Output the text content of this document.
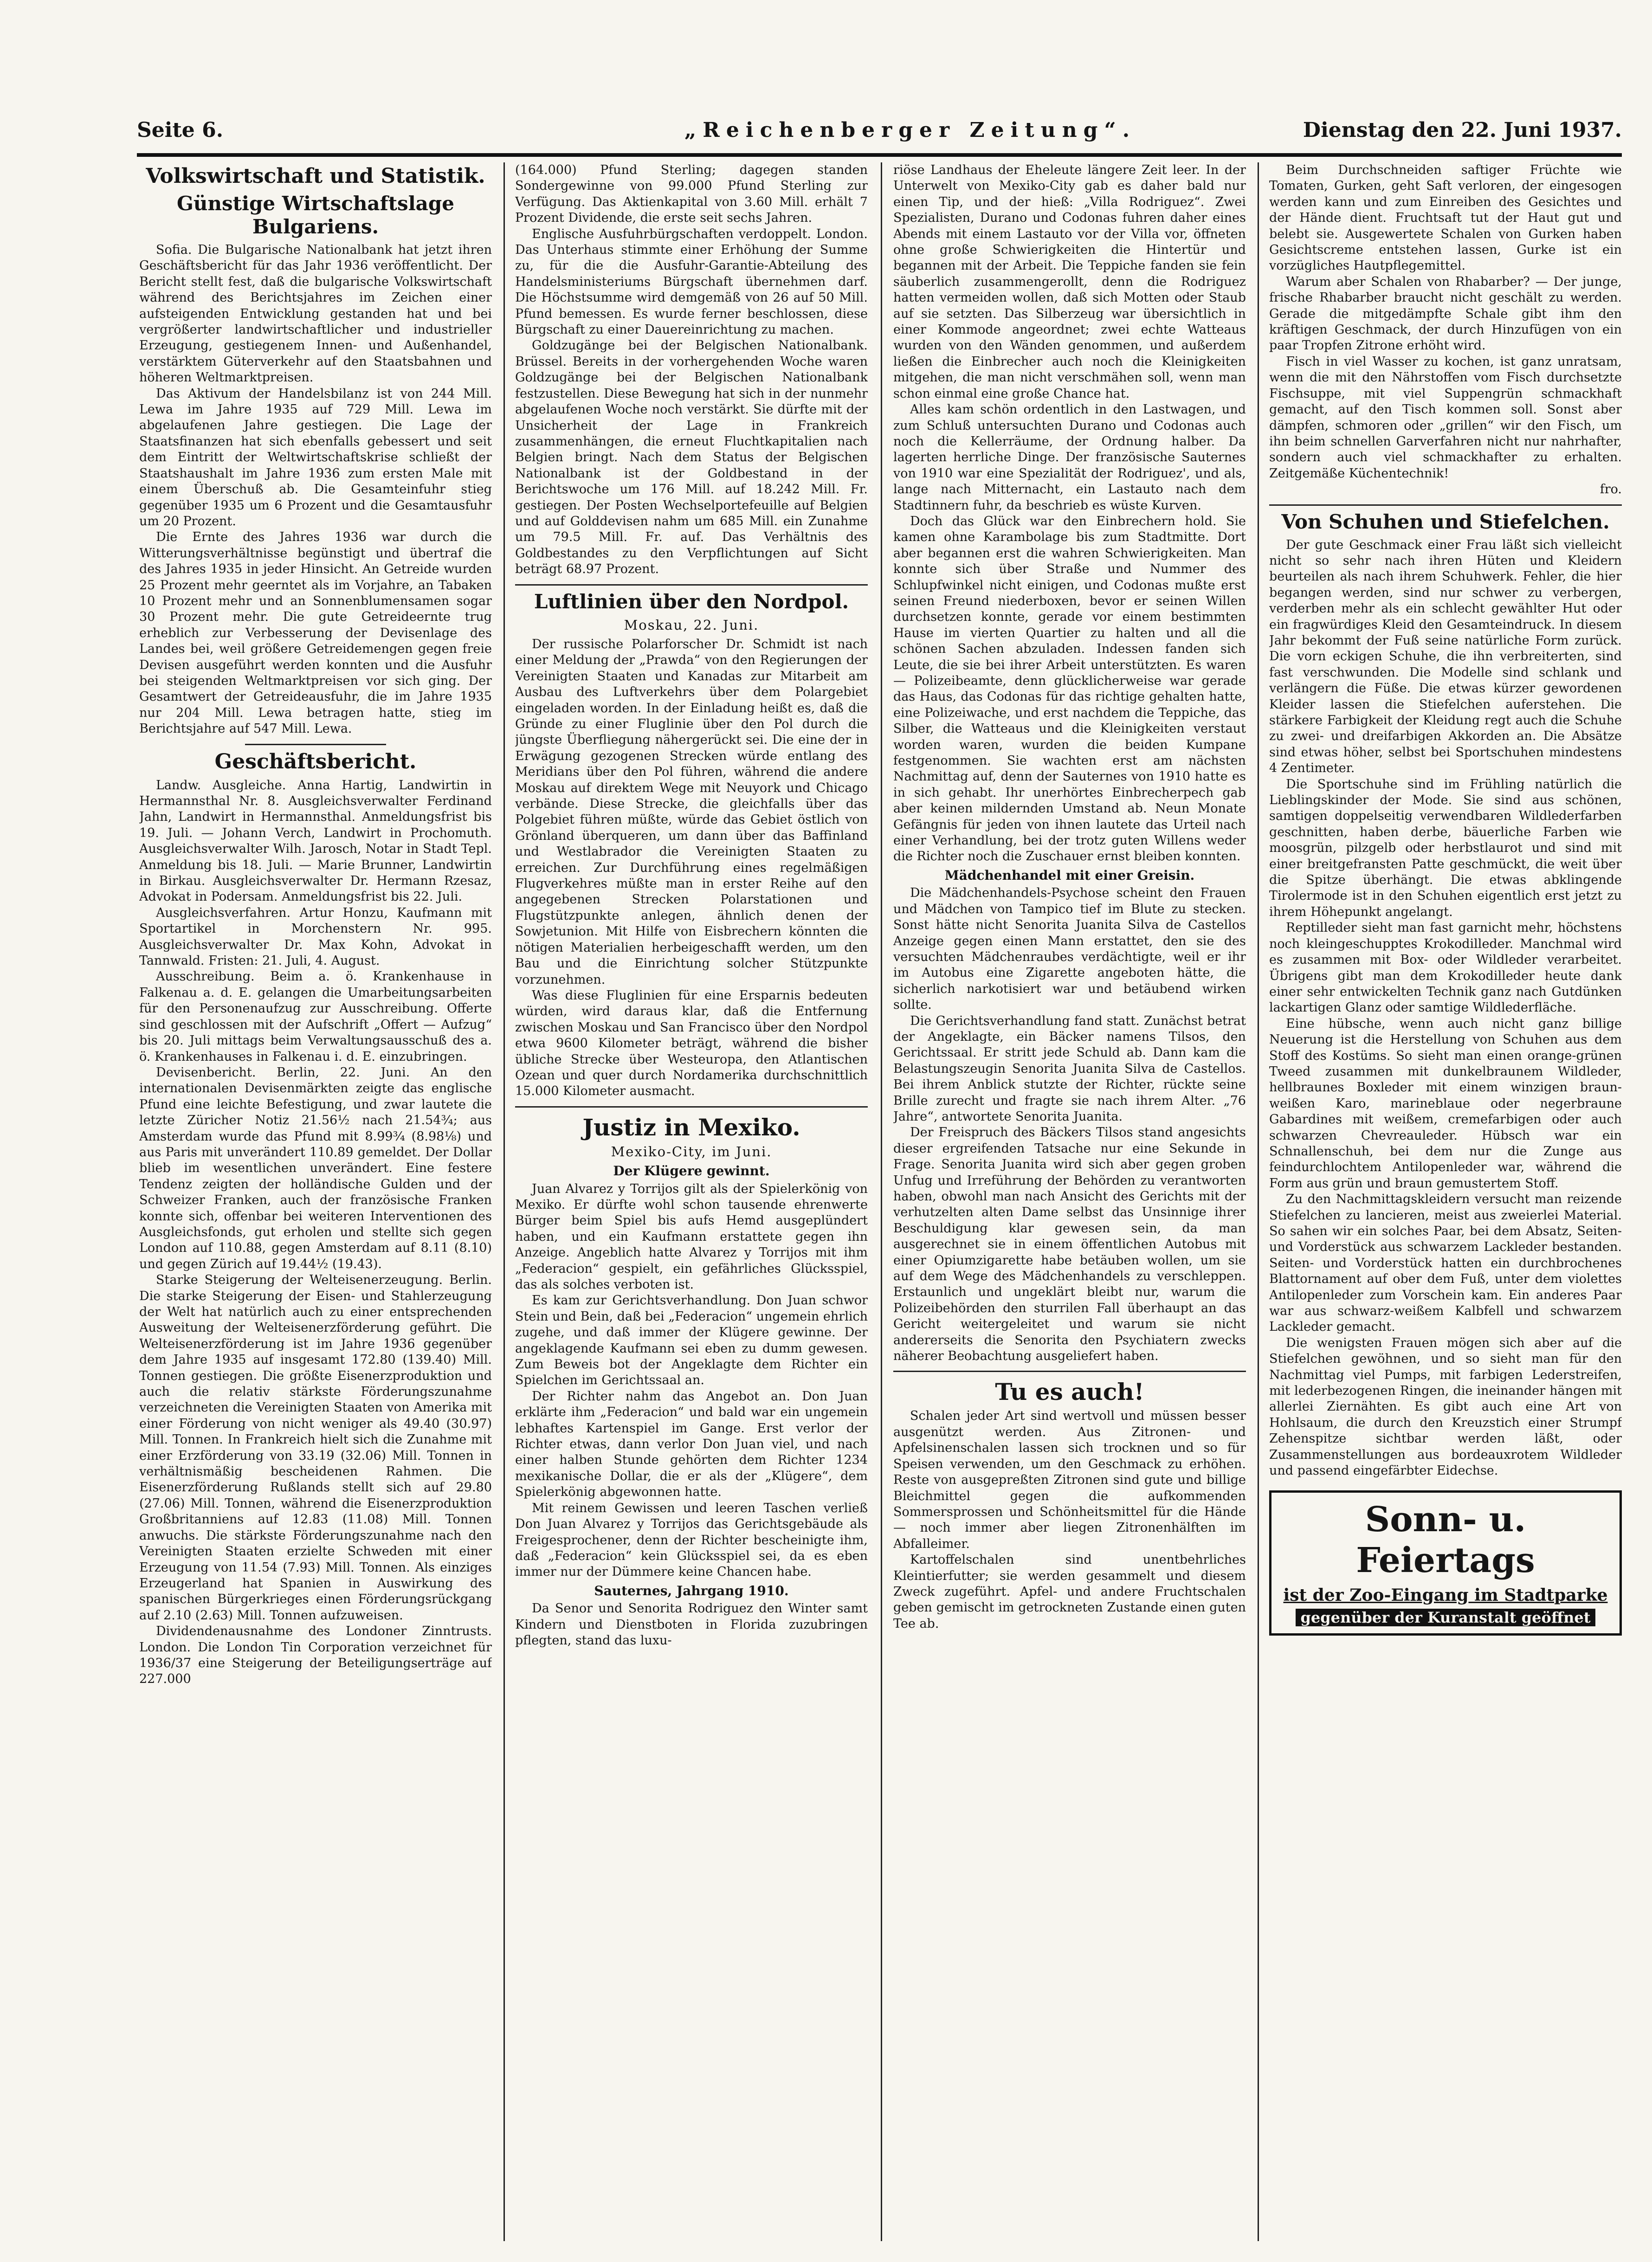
Seite 6.	„Reichenberger Zeitung“.	Dienstag den 22. Juni 1937.
Volkswirtschaft und Statistik.
Günstige Wirtschaftslage Bulgariens.

Sofia. Die Bulgarische Nationalbank hat jetzt ihren Geschäftsbericht für das Jahr 1936 veröffentlicht. Der Bericht stellt fest, daß die bulgarische Volkswirtschaft während des Berichtsjahres im Zeichen einer aufsteigenden Entwicklung gestanden hat und bei vergrößerter landwirtschaftlicher und industrieller Erzeugung, gestiegenem Innen- und Außenhandel, verstärktem Güterverkehr auf den Staatsbahnen und höheren Weltmarktpreisen.

Das Aktivum der Handelsbilanz ist von 244 Mill. Lewa im Jahre 1935 auf 729 Mill. Lewa im abgelaufenen Jahre gestiegen. Die Lage der Staatsfinanzen hat sich ebenfalls gebessert und seit dem Eintritt der Weltwirtschaftskrise schließt der Staatshaushalt im Jahre 1936 zum ersten Male mit einem Überschuß ab. Die Gesamteinfuhr stieg gegenüber 1935 um 6 Prozent und die Gesamtausfuhr um 20 Prozent.

Die Ernte des Jahres 1936 war durch die Witterungsverhältnisse begünstigt und übertraf die des Jahres 1935 in jeder Hinsicht. An Getreide wurden 25 Prozent mehr geerntet als im Vorjahre, an Tabaken 10 Prozent mehr und an Sonnenblumensamen sogar 30 Prozent mehr. Die gute Getreideernte trug erheblich zur Verbesserung der Devisenlage des Landes bei, weil größere Getreidemengen gegen freie Devisen ausgeführt werden konnten und die Ausfuhr bei steigenden Weltmarktpreisen vor sich ging. Der Gesamtwert der Getreideausfuhr, die im Jahre 1935 nur 204 Mill. Lewa betragen hatte, stieg im Berichtsjahre auf 547 Mill. Lewa.

Geschäftsbericht.

Landw. Ausgleiche. Anna Hartig, Landwirtin in Hermannsthal Nr. 8. Ausgleichsverwalter Ferdinand Jahn, Landwirt in Hermannsthal. Anmeldungsfrist bis 19. Juli. — Johann Verch, Landwirt in Prochomuth. Ausgleichsverwalter Wilh. Jarosch, Notar in Stadt Tepl. Anmeldung bis 18. Juli. — Marie Brunner, Landwirtin in Birkau. Ausgleichsverwalter Dr. Hermann Rzesaz, Advokat in Podersam. Anmeldungsfrist bis 22. Juli.

Ausgleichsverfahren. Artur Honzu, Kaufmann mit Sportartikel in Morchenstern Nr. 995. Ausgleichsverwalter Dr. Max Kohn, Advokat in Tannwald. Fristen: 21. Juli, 4. August.

Ausschreibung. Beim a. ö. Krankenhause in Falkenau a. d. E. gelangen die Umarbeitungsarbeiten für den Personenaufzug zur Ausschreibung. Offerte sind geschlossen mit der Aufschrift „Offert — Aufzug“ bis 20. Juli mittags beim Verwaltungsausschuß des a. ö. Krankenhauses in Falkenau i. d. E. einzubringen.

Devisenbericht. Berlin, 22. Juni. An den internationalen Devisenmärkten zeigte das englische Pfund eine leichte Befestigung, und zwar lautete die letzte Züricher Notiz 21.56½ nach 21.54¾; aus Amsterdam wurde das Pfund mit 8.99¾ (8.98⅛) und aus Paris mit unverändert 110.89 gemeldet. Der Dollar blieb im wesentlichen unverändert. Eine festere Tendenz zeigten der holländische Gulden und der Schweizer Franken, auch der französische Franken konnte sich, offenbar bei weiteren Interventionen des Ausgleichsfonds, gut erholen und stellte sich gegen London auf 110.88, gegen Amsterdam auf 8.11 (8.10) und gegen Zürich auf 19.44½ (19.43).

Starke Steigerung der Welteisenerzeugung. Berlin. Die starke Steigerung der Eisen- und Stahlerzeugung der Welt hat natürlich auch zu einer entsprechenden Ausweitung der Welteisenerzförderung geführt. Die Welteisenerzförderung ist im Jahre 1936 gegenüber dem Jahre 1935 auf insgesamt 172.80 (139.40) Mill. Tonnen gestiegen. Die größte Eisenerzproduktion und auch die relativ stärkste Förderungszunahme verzeichneten die Vereinigten Staaten von Amerika mit einer Förderung von nicht weniger als 49.40 (30.97) Mill. Tonnen. In Frankreich hielt sich die Zunahme mit einer Erzförderung von 33.19 (32.06) Mill. Tonnen in verhältnismäßig bescheidenen Rahmen. Die Eisenerzförderung Rußlands stellt sich auf 29.80 (27.06) Mill. Tonnen, während die Eisenerzproduktion Großbritanniens auf 12.83 (11.08) Mill. Tonnen anwuchs. Die stärkste Förderungszunahme nach den Vereinigten Staaten erzielte Schweden mit einer Erzeugung von 11.54 (7.93) Mill. Tonnen. Als einziges Erzeugerland hat Spanien in Auswirkung des spanischen Bürgerkrieges einen Förderungsrückgang auf 2.10 (2.63) Mill. Tonnen aufzuweisen.

Dividendenausnahme des Londoner Zinntrusts. London. Die London Tin Corporation verzeichnet für 1936/37 eine Steigerung der Beteiligungserträge auf 227.000

(164.000) Pfund Sterling; dagegen standen Sondergewinne von 99.000 Pfund Sterling zur Verfügung. Das Aktienkapital von 3.60 Mill. erhält 7 Prozent Dividende, die erste seit sechs Jahren.

Englische Ausfuhrbürgschaften verdoppelt. London. Das Unterhaus stimmte einer Erhöhung der Summe zu, für die die Ausfuhr-Garantie-Abteilung des Handelsministeriums Bürgschaft übernehmen darf. Die Höchstsumme wird demgemäß von 26 auf 50 Mill. Pfund bemessen. Es wurde ferner beschlossen, diese Bürgschaft zu einer Dauereinrichtung zu machen.

Goldzugänge bei der Belgischen Nationalbank. Brüssel. Bereits in der vorhergehenden Woche waren Goldzugänge bei der Belgischen Nationalbank festzustellen. Diese Bewegung hat sich in der nunmehr abgelaufenen Woche noch verstärkt. Sie dürfte mit der Unsicherheit der Lage in Frankreich zusammenhängen, die erneut Fluchtkapitalien nach Belgien bringt. Nach dem Status der Belgischen Nationalbank ist der Goldbestand in der Berichtswoche um 176 Mill. auf 18.242 Mill. Fr. gestiegen. Der Posten Wechselportefeuille auf Belgien und auf Golddevisen nahm um 685 Mill. ein Zunahme um 79.5 Mill. Fr. auf. Das Verhältnis des Goldbestandes zu den Verpflichtungen auf Sicht beträgt 68.97 Prozent.

Luftlinien über den Nordpol.
Moskau, 22. Juni.

Der russische Polarforscher Dr. Schmidt ist nach einer Meldung der „Prawda“ von den Regierungen der Vereinigten Staaten und Kanadas zur Mitarbeit am Ausbau des Luftverkehrs über dem Polargebiet eingeladen worden. In der Einladung heißt es, daß die Gründe zu einer Fluglinie über den Pol durch die jüngste Überfliegung nähergerückt sei. Die eine der in Erwägung gezogenen Strecken würde entlang des Meridians über den Pol führen, während die andere Moskau auf direktem Wege mit Neuyork und Chicago verbände. Diese Strecke, die gleichfalls über das Polgebiet führen müßte, würde das Gebiet östlich von Grönland überqueren, um dann über das Baffinland und Westlabrador die Vereinigten Staaten zu erreichen. Zur Durchführung eines regelmäßigen Flugverkehres müßte man in erster Reihe auf den angegebenen Strecken Polarstationen und Flugstützpunkte anlegen, ähnlich denen der Sowjetunion. Mit Hilfe von Eisbrechern könnten die nötigen Materialien herbeigeschafft werden, um den Bau und die Einrichtung solcher Stützpunkte vorzunehmen.

Was diese Fluglinien für eine Ersparnis bedeuten würden, wird daraus klar, daß die Entfernung zwischen Moskau und San Francisco über den Nordpol etwa 9600 Kilometer beträgt, während die bisher übliche Strecke über Westeuropa, den Atlantischen Ozean und quer durch Nordamerika durchschnittlich 15.000 Kilometer ausmacht.

Justiz in Mexiko.
Mexiko-City, im Juni.
Der Klügere gewinnt.

Juan Alvarez y Torrijos gilt als der Spielerkönig von Mexiko. Er dürfte wohl schon tausende ehrenwerte Bürger beim Spiel bis aufs Hemd ausgeplündert haben, und ein Kaufmann erstattete gegen ihn Anzeige. Angeblich hatte Alvarez y Torrijos mit ihm „Federacion“ gespielt, ein gefährliches Glücksspiel, das als solches verboten ist.

Es kam zur Gerichtsverhandlung. Don Juan schwor Stein und Bein, daß bei „Federacion“ ungemein ehrlich zugehe, und daß immer der Klügere gewinne. Der angeklagende Kaufmann sei eben zu dumm gewesen. Zum Beweis bot der Angeklagte dem Richter ein Spielchen im Gerichtssaal an.

Der Richter nahm das Angebot an. Don Juan erklärte ihm „Federacion“ und bald war ein ungemein lebhaftes Kartenspiel im Gange. Erst verlor der Richter etwas, dann verlor Don Juan viel, und nach einer halben Stunde gehörten dem Richter 1234 mexikanische Dollar, die er als der „Klügere“, dem Spielerkönig abgewonnen hatte.

Mit reinem Gewissen und leeren Taschen verließ Don Juan Alvarez y Torrijos das Gerichtsgebäude als Freigesprochener, denn der Richter bescheinigte ihm, daß „Federacion“ kein Glücksspiel sei, da es eben immer nur der Dümmere keine Chancen habe.

Sauternes, Jahrgang 1910.

Da Senor und Senorita Rodriguez den Winter samt Kindern und Dienstboten in Florida zuzubringen pflegten, stand das luxu-

riöse Landhaus der Eheleute längere Zeit leer. In der Unterwelt von Mexiko-City gab es daher bald nur einen Tip, und der hieß: „Villa Rodriguez“. Zwei Spezialisten, Durano und Codonas fuhren daher eines Abends mit einem Lastauto vor der Villa vor, öffneten ohne große Schwierigkeiten die Hintertür und begannen mit der Arbeit. Die Teppiche fanden sie fein säuberlich zusammengerollt, denn die Rodriguez hatten vermeiden wollen, daß sich Motten oder Staub auf sie setzten. Das Silberzeug war übersichtlich in einer Kommode angeordnet; zwei echte Watteaus wurden von den Wänden genommen, und außerdem ließen die Einbrecher auch noch die Kleinigkeiten mitgehen, die man nicht verschmähen soll, wenn man schon einmal eine große Chance hat.

Alles kam schön ordentlich in den Lastwagen, und zum Schluß untersuchten Durano und Codonas auch noch die Kellerräume, der Ordnung halber. Da lagerten herrliche Dinge. Der französische Sauternes von 1910 war eine Spezialität der Rodriguez', und als, lange nach Mitternacht, ein Lastauto nach dem Stadtinnern fuhr, da beschrieb es wüste Kurven.

Doch das Glück war den Einbrechern hold. Sie kamen ohne Karambolage bis zum Stadtmitte. Dort aber begannen erst die wahren Schwierigkeiten. Man konnte sich über Straße und Nummer des Schlupfwinkel nicht einigen, und Codonas mußte erst seinen Freund niederboxen, bevor er seinen Willen durchsetzen konnte, gerade vor einem bestimmten Hause im vierten Quartier zu halten und all die schönen Sachen abzuladen. Indessen fanden sich Leute, die sie bei ihrer Arbeit unterstützten. Es waren — Polizeibeamte, denn glücklicherweise war gerade das Haus, das Codonas für das richtige gehalten hatte, eine Polizeiwache, und erst nachdem die Teppiche, das Silber, die Watteaus und die Kleinigkeiten verstaut worden waren, wurden die beiden Kumpane festgenommen. Sie wachten erst am nächsten Nachmittag auf, denn der Sauternes von 1910 hatte es in sich gehabt. Ihr unerhörtes Einbrecherpech gab aber keinen mildernden Umstand ab. Neun Monate Gefängnis für jeden von ihnen lautete das Urteil nach einer Verhandlung, bei der trotz guten Willens weder die Richter noch die Zuschauer ernst bleiben konnten.

Mädchenhandel mit einer Greisin.

Die Mädchenhandels-Psychose scheint den Frauen und Mädchen von Tampico tief im Blute zu stecken. Sonst hätte nicht Senorita Juanita Silva de Castellos Anzeige gegen einen Mann erstattet, den sie des versuchten Mädchenraubes verdächtigte, weil er ihr im Autobus eine Zigarette angeboten hätte, die sicherlich narkotisiert war und betäubend wirken sollte.

Die Gerichtsverhandlung fand statt. Zunächst betrat der Angeklagte, ein Bäcker namens Tilsos, den Gerichtssaal. Er stritt jede Schuld ab. Dann kam die Belastungszeugin Senorita Juanita Silva de Castellos. Bei ihrem Anblick stutzte der Richter, rückte seine Brille zurecht und fragte sie nach ihrem Alter. „76 Jahre“, antwortete Senorita Juanita.

Der Freispruch des Bäckers Tilsos stand angesichts dieser ergreifenden Tatsache nur eine Sekunde in Frage. Senorita Juanita wird sich aber gegen groben Unfug und Irreführung der Behörden zu verantworten haben, obwohl man nach Ansicht des Gerichts mit der verhutzelten alten Dame selbst das Unsinnige ihrer Beschuldigung klar gewesen sein, da man ausgerechnet sie in einem öffentlichen Autobus mit einer Opiumzigarette habe betäuben wollen, um sie auf dem Wege des Mädchenhandels zu verschleppen. Erstaunlich und ungeklärt bleibt nur, warum die Polizeibehörden den sturrilen Fall überhaupt an das Gericht weitergeleitet und warum sie nicht andererseits die Senorita den Psychiatern zwecks näherer Beobachtung ausgeliefert haben.

Tu es auch!

Schalen jeder Art sind wertvoll und müssen besser ausgenützt werden. Aus Zitronen- und Apfelsinenschalen lassen sich trocknen und so für Speisen verwenden, um den Geschmack zu erhöhen. Reste von ausgepreßten Zitronen sind gute und billige Bleichmittel gegen die aufkommenden Sommersprossen und Schönheitsmittel für die Hände — noch immer aber liegen Zitronenhälften im Abfalleimer.

Kartoffelschalen sind unentbehrliches Kleintierfutter; sie werden gesammelt und diesem Zweck zugeführt. Apfel- und andere Fruchtschalen geben gemischt im getrockneten Zustande einen guten Tee ab.

Beim Durchschneiden saftiger Früchte wie Tomaten, Gurken, geht Saft verloren, der eingesogen werden kann und zum Einreiben des Gesichtes und der Hände dient. Fruchtsaft tut der Haut gut und belebt sie. Ausgewertete Schalen von Gurken haben Gesichtscreme entstehen lassen, Gurke ist ein vorzügliches Hautpflegemittel.

Warum aber Schalen von Rhabarber? — Der junge, frische Rhabarber braucht nicht geschält zu werden. Gerade die mitgedämpfte Schale gibt ihm den kräftigen Geschmack, der durch Hinzufügen von ein paar Tropfen Zitrone erhöht wird.

Fisch in viel Wasser zu kochen, ist ganz unratsam, wenn die mit den Nährstoffen vom Fisch durchsetzte Fischsuppe, mit viel Suppengrün schmackhaft gemacht, auf den Tisch kommen soll. Sonst aber dämpfen, schmoren oder „grillen“ wir den Fisch, um ihn beim schnellen Garverfahren nicht nur nahrhafter, sondern auch viel schmackhafter zu erhalten. Zeitgemäße Küchentechnik!

fro.

Von Schuhen und Stiefelchen.

Der gute Geschmack einer Frau läßt sich vielleicht nicht so sehr nach ihren Hüten und Kleidern beurteilen als nach ihrem Schuhwerk. Fehler, die hier begangen werden, sind nur schwer zu verbergen, verderben mehr als ein schlecht gewählter Hut oder ein fragwürdiges Kleid den Gesamteindruck. In diesem Jahr bekommt der Fuß seine natürliche Form zurück. Die vorn eckigen Schuhe, die ihn verbreiterten, sind fast verschwunden. Die Modelle sind schlank und verlängern die Füße. Die etwas kürzer gewordenen Kleider lassen die Stiefelchen auferstehen. Die stärkere Farbigkeit der Kleidung regt auch die Schuhe zu zwei- und dreifarbigen Akkorden an. Die Absätze sind etwas höher, selbst bei Sportschuhen mindestens 4 Zentimeter.

Die Sportschuhe sind im Frühling natürlich die Lieblingskinder der Mode. Sie sind aus schönen, samtigen doppelseitig verwendbaren Wildlederfarben geschnitten, haben derbe, bäuerliche Farben wie moosgrün, pilzgelb oder herbstlaurot und sind mit einer breitgefransten Patte geschmückt, die weit über die Spitze überhängt. Die etwas abklingende Tirolermode ist in den Schuhen eigentlich erst jetzt zu ihrem Höhepunkt angelangt.

Reptilleder sieht man fast garnicht mehr, höchstens noch kleingeschupptes Krokodilleder. Manchmal wird es zusammen mit Box- oder Wildleder verarbeitet. Übrigens gibt man dem Krokodilleder heute dank einer sehr entwickelten Technik ganz nach Gutdünken lackartigen Glanz oder samtige Wildlederfläche.

Eine hübsche, wenn auch nicht ganz billige Neuerung ist die Herstellung von Schuhen aus dem Stoff des Kostüms. So sieht man einen orange-grünen Tweed zusammen mit dunkelbraunem Wildleder, hellbraunes Boxleder mit einem winzigen braun-weißen Karo, marineblaue oder negerbraune Gabardines mit weißem, cremefarbigen oder auch schwarzen Chevreauleder. Hübsch war ein Schnallenschuh, bei dem nur die Zunge aus feindurchlochtem Antilopenleder war, während die Form aus grün und braun gemustertem Stoff.

Zu den Nachmittagskleidern versucht man reizende Stiefelchen zu lancieren, meist aus zweierlei Material. So sahen wir ein solches Paar, bei dem Absatz, Seiten- und Vorderstück aus schwarzem Lackleder bestanden. Seiten- und Vorderstück hatten ein durchbrochenes Blattornament auf ober dem Fuß, unter dem violettes Antilopenleder zum Vorschein kam. Ein anderes Paar war aus schwarz-weißem Kalbfell und schwarzem Lackleder gemacht.

Die wenigsten Frauen mögen sich aber auf die Stiefelchen gewöhnen, und so sieht man für den Nachmittag viel Pumps, mit farbigen Lederstreifen, mit lederbezogenen Ringen, die ineinander hängen mit allerlei Ziernähten. Es gibt auch eine Art von Hohlsaum, die durch den Kreuzstich einer Strumpf Zehenspitze sichtbar werden läßt, oder Zusammenstellungen aus bordeauxrotem Wildleder und passend eingefärbter Eidechse.

Sonn- u. Feiertags
ist der Zoo-Eingang im Stadtparke
gegenüber der Kuranstalt geöffnet
